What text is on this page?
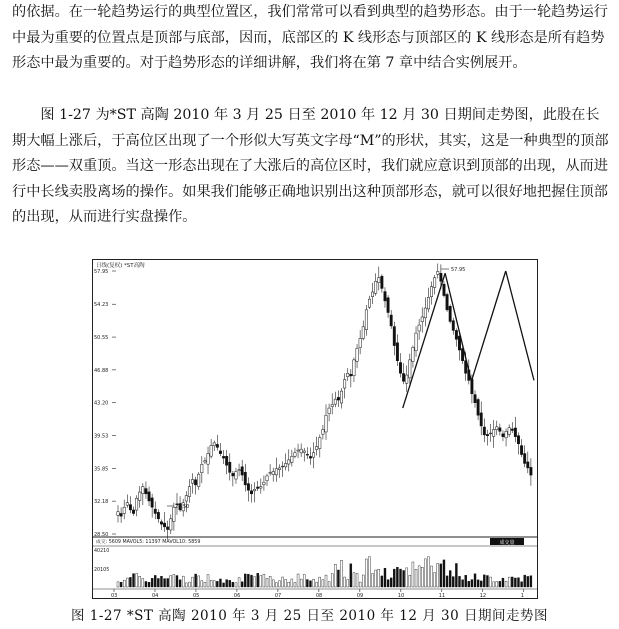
的依据。在一轮趋势运行的典型位置区，我们常常可以看到典型的趋势形态。由于一轮趋势运行中最为重要的位置点是顶部与底部，因而，底部区的 K 线形态与顶部区的 K 线形态是所有趋势形态中最为重要的。对于趋势形态的详细讲解，我们将在第 7 章中结合实例展开。

图 1-27 为*ST 高陶 2010 年 3 月 25 日至 2010 年 12 月 30 日期间走势图，此股在长期大幅上涨后，于高位区出现了一个形似大写英文字母“M”的形状，其实，这是一种典型的顶部形态——双重顶。当这一形态出现在了大涨后的高位区时，我们就应意识到顶部的出现，从而进行中长线卖股离场的操作。如果我们能够正确地识别出这种顶部形态，就可以很好地把握住顶部的出现，从而进行实盘操作。

日线(复权) *ST高陶
成交: 5609 MAVOL5: 11397 MAVOL10: 5859	成交量
40210
20105
57.95
54.23
50.55
46.88
43.20
39.53
35.85
32.18
28.50
03	04	05	06	07	08	09	10	11	12	1
57.95
28.50
图 1-27 *ST 高陶 2010 年 3 月 25 日至 2010 年 12 月 30 日期间走势图
